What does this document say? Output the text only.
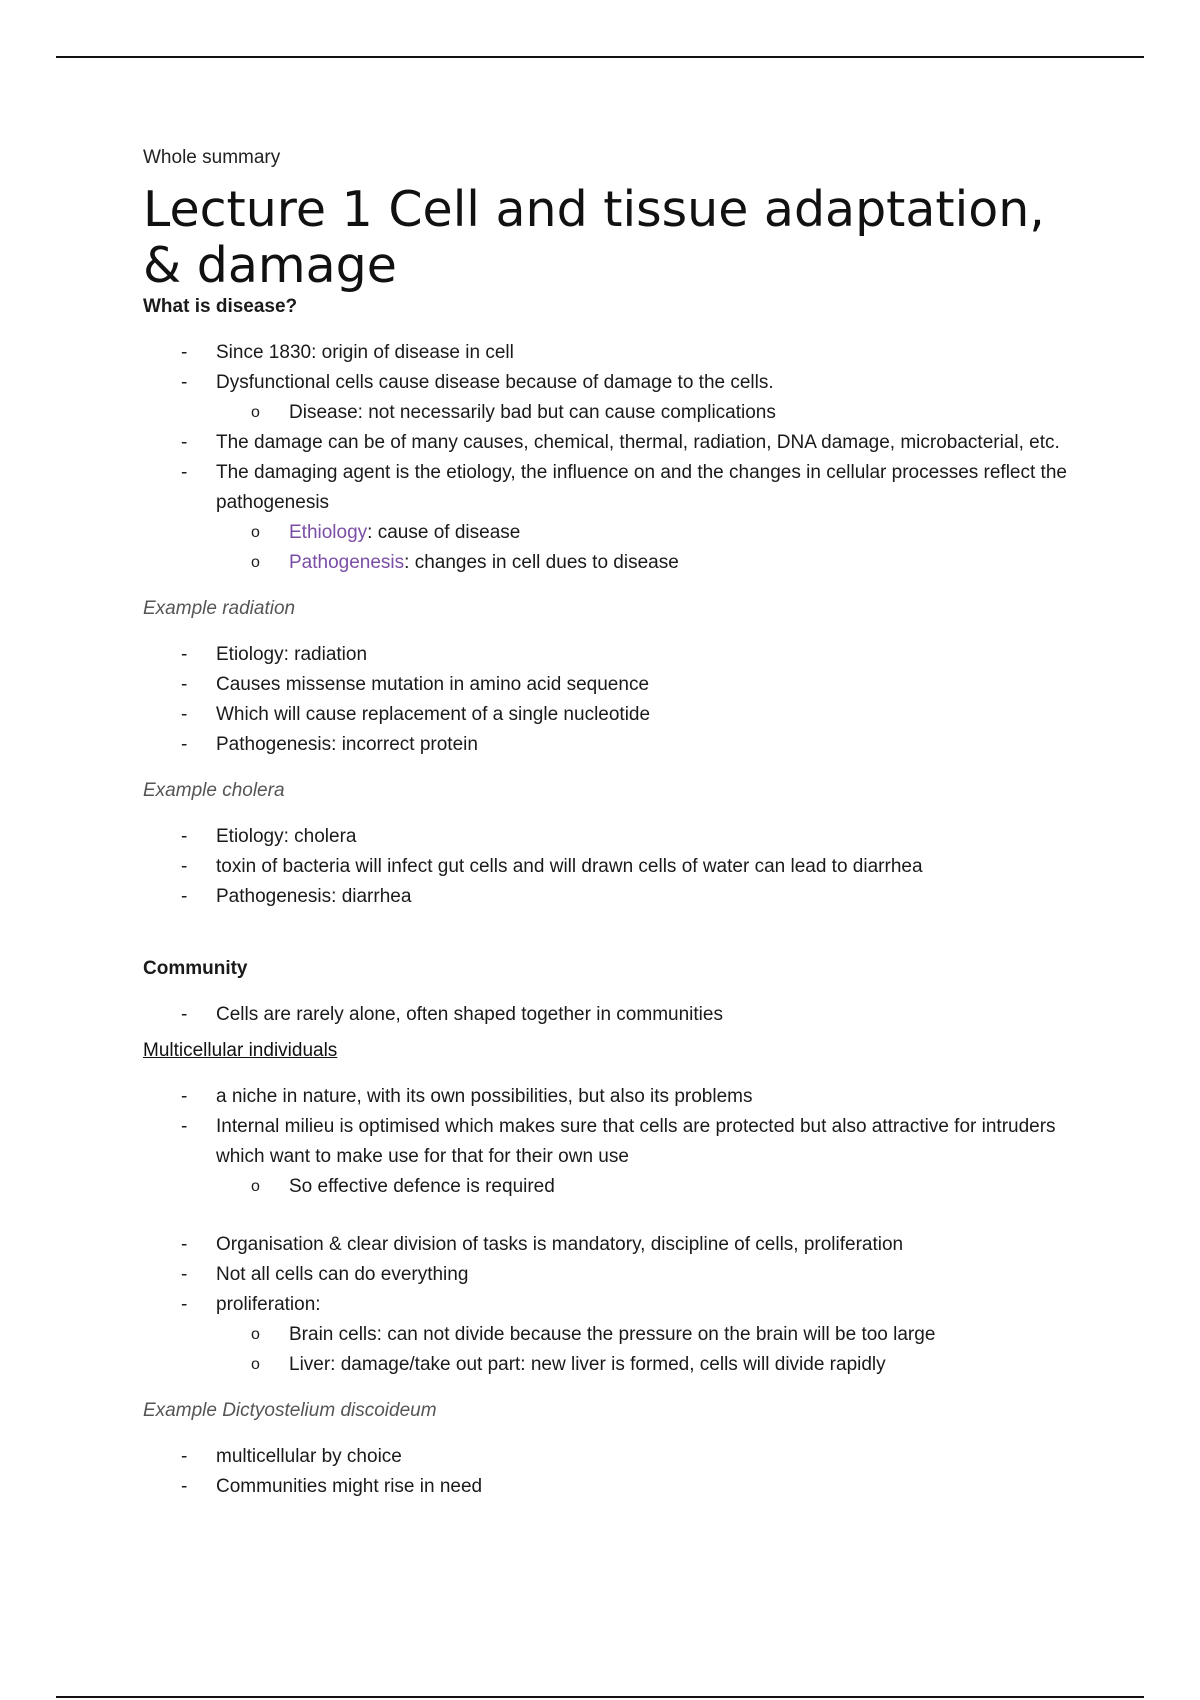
Whole summary

Lecture 1 Cell and tissue adaptation, & damage

What is disease?

-	Since 1830: origin of disease in cell
-	Dysfunctional cells cause disease because of damage to the cells.
o Disease: not necessarily bad but can cause complications
-	The damage can be of many causes, chemical, thermal, radiation, DNA damage, microbacterial, etc.
-	The damaging agent is the etiology, the influence on and the changes in cellular processes reflect the pathogenesis
o Ethiology: cause of disease
o Pathogenesis: changes in cell dues to disease

Example radiation

-	Etiology: radiation
-	Causes missense mutation in amino acid sequence
-	Which will cause replacement of a single nucleotide
-	Pathogenesis: incorrect protein

Example cholera

-	Etiology: cholera
-	toxin of bacteria will infect gut cells and will drawn cells of water can lead to diarrhea
-	Pathogenesis: diarrhea

Community

-	Cells are rarely alone, often shaped together in communities

Multicellular individuals

-	a niche in nature, with its own possibilities, but also its problems
-	Internal milieu is optimised which makes sure that cells are protected but also attractive for intruders which want to make use for that for their own use
o So effective defence is required
-	Organisation & clear division of tasks is mandatory, discipline of cells, proliferation
-	Not all cells can do everything
-	proliferation:
o Brain cells: can not divide because the pressure on the brain will be too large
o Liver: damage/take out part: new liver is formed, cells will divide rapidly

Example Dictyostelium discoideum

-	multicellular by choice
-	Communities might rise in need
